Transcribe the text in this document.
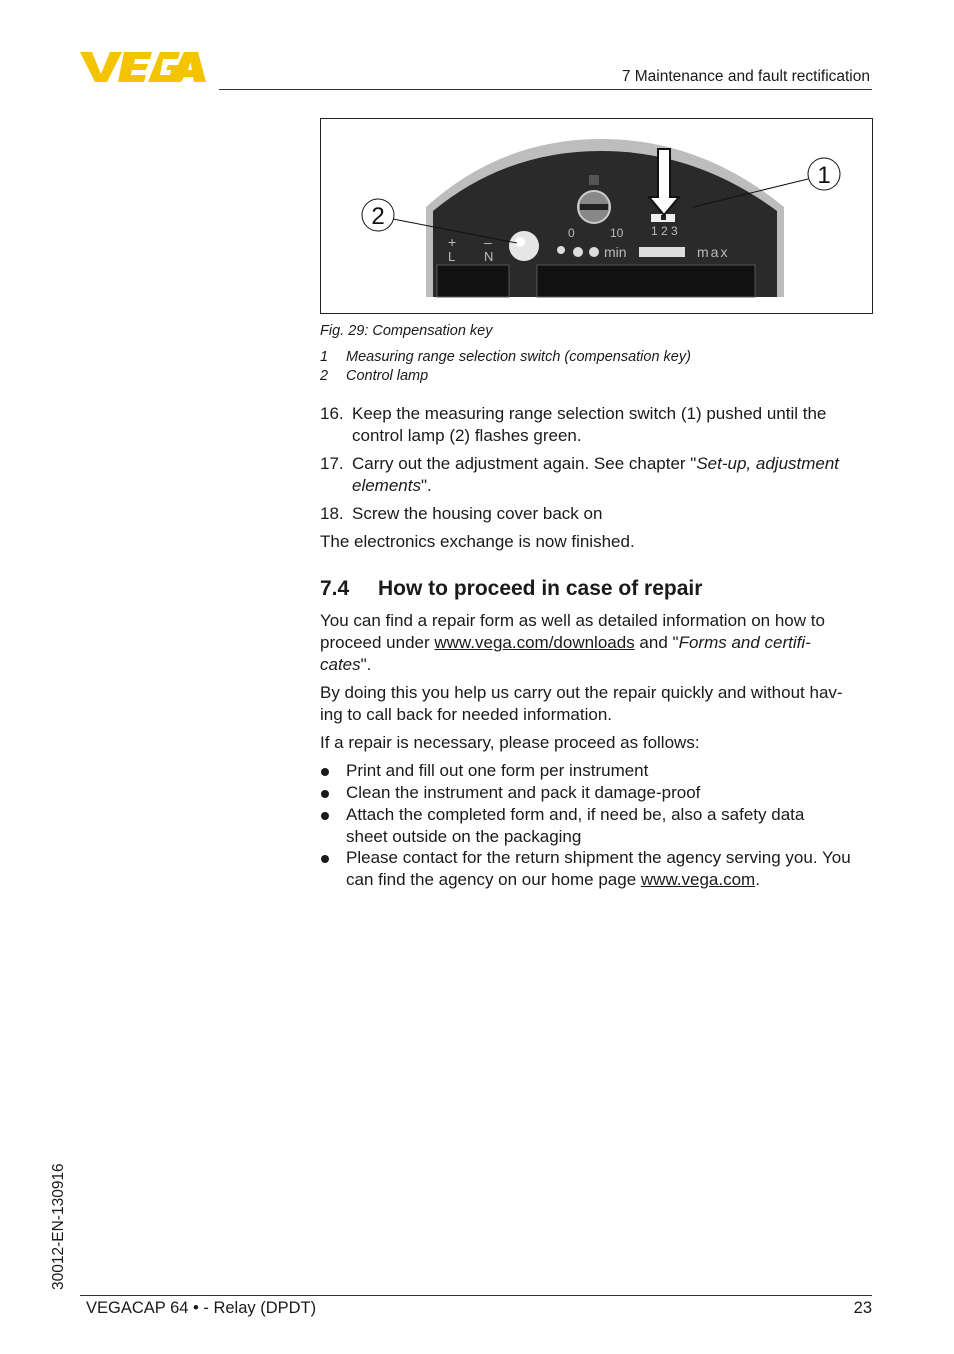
7 Maintenance and fault rectification
+ –
L N
0	10
min	max
1 2 3
1
2
Fig. 29: Compensation key
1 Measuring range selection switch (compensation key)
2 Control lamp
16. Keep the measuring range selection switch (1) pushed until the
control lamp (2) flashes green.
17. Carry out the adjustment again. See chapter "Set-up, adjustment
elements".
18. Screw the housing cover back on
The electronics exchange is now finished.
7.4 How to proceed in case of repair
You can find a repair form as well as detailed information on how to
proceed under www.vega.com/downloads and "Forms and certifi-
cates".
By doing this you help us carry out the repair quickly and without hav-
ing to call back for needed information.
If a repair is necessary, please proceed as follows:
Print and fill out one form per instrument
Clean the instrument and pack it damage-proof
Attach the completed form and, if need be, also a safety data
sheet outside on the packaging
Please contact for the return shipment the agency serving you. You
can find the agency on our home page www.vega.com.
30012-EN-130916
VEGACAP 64 • - Relay (DPDT)	23
